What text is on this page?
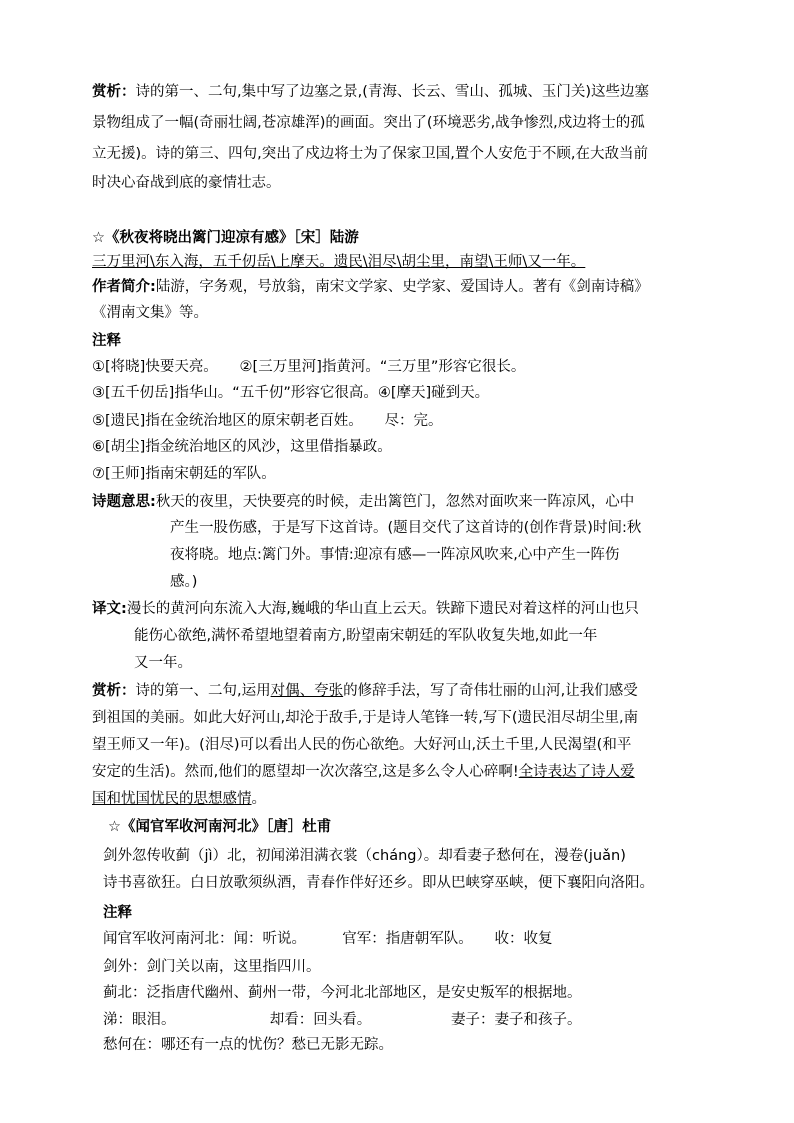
赏析：诗的第一、二句,集中写了边塞之景,(青海、长云、雪山、孤城、玉门关)这些边塞
景物组成了一幅(奇丽壮阔,苍凉雄浑)的画面。突出了(环境恶劣,战争惨烈,戍边将士的孤
立无援)。诗的第三、四句,突出了戍边将士为了保家卫国,置个人安危于不顾,在大敌当前
时决心奋战到底的豪情壮志。
☆《秋夜将晓出篱门迎凉有感》［宋］陆游
三万里河\东入海，五千仞岳\上摩天。遗民\泪尽\胡尘里，南望\王师\又一年。
作者简介:陆游，字务观，号放翁，南宋文学家、史学家、爱国诗人。著有《剑南诗稿》
《渭南文集》等。
注释
①[将晓]快要天亮。　　②[三万里河]指黄河。“三万里”形容它很长。
③[五千仞岳]指华山。“五千仞”形容它很高。④[摩天]碰到天。
⑤[遗民]指在金统治地区的原宋朝老百姓。　　尽：完。
⑥[胡尘]指金统治地区的风沙，这里借指暴政。
⑦[王师]指南宋朝廷的军队。
诗题意思:秋天的夜里，天快要亮的时候，走出篱笆门，忽然对面吹来一阵凉风，心中
产生一股伤感，于是写下这首诗。(题目交代了这首诗的(创作背景)时间:秋
夜将晓。地点:篱门外。事情:迎凉有感—一阵凉风吹来,心中产生一阵伤
感。)
译文:漫长的黄河向东流入大海,巍峨的华山直上云天。铁蹄下遗民对着这样的河山也只
能伤心欲绝,满怀希望地望着南方,盼望南宋朝廷的军队收复失地,如此一年
又一年。
赏析：诗的第一、二句,运用对偶、夸张的修辞手法，写了奇伟壮丽的山河,让我们感受
到祖国的美丽。如此大好河山,却沦于敌手,于是诗人笔锋一转,写下(遗民泪尽胡尘里,南
望王师又一年)。(泪尽)可以看出人民的伤心欲绝。大好河山,沃土千里,人民渴望(和平
安定的生活)。然而,他们的愿望却一次次落空,这是多么令人心碎啊!全诗表达了诗人爱
国和忧国忧民的思想感情。
☆《闻官军收河南河北》［唐］杜甫
剑外忽传收蓟（jì）北，初闻涕泪满衣裳（cháng）。却看妻子愁何在，漫卷(juǎn)
诗书喜欲狂。白日放歌须纵酒，青春作伴好还乡。即从巴峡穿巫峡，便下襄阳向洛阳。
注释
闻官军收河南河北：闻：听说。　　　官军：指唐朝军队。　　收：收复
剑外：剑门关以南，这里指四川。
蓟北：泛指唐代幽州、蓟州一带，今河北北部地区，是安史叛军的根据地。
涕：眼泪。　　　　　　　却看：回头看。　　　　　　妻子：妻子和孩子。
愁何在：哪还有一点的忧伤？愁已无影无踪。
